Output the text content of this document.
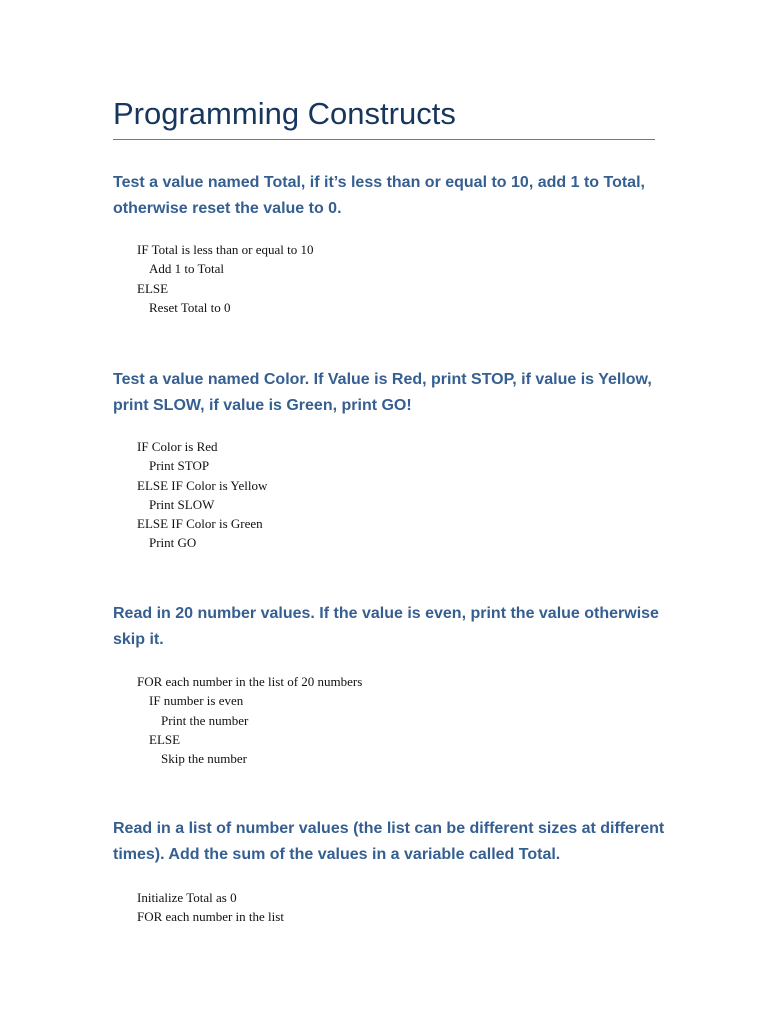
Programming Constructs
Test a value named Total, if it’s less than or equal to 10, add 1 to Total,
otherwise reset the value to 0.
IF Total is less than or equal to 10
Add 1 to Total
ELSE
Reset Total to 0
Test a value named Color. If Value is Red, print STOP, if value is Yellow,
print SLOW, if value is Green, print GO!
IF Color is Red
Print STOP
ELSE IF Color is Yellow
Print SLOW
ELSE IF Color is Green
Print GO
Read in 20 number values. If the value is even, print the value otherwise
skip it.
FOR each number in the list of 20 numbers
IF number is even
Print the number
ELSE
Skip the number
Read in a list of number values (the list can be different sizes at different
times). Add the sum of the values in a variable called Total.
Initialize Total as 0
FOR each number in the list
